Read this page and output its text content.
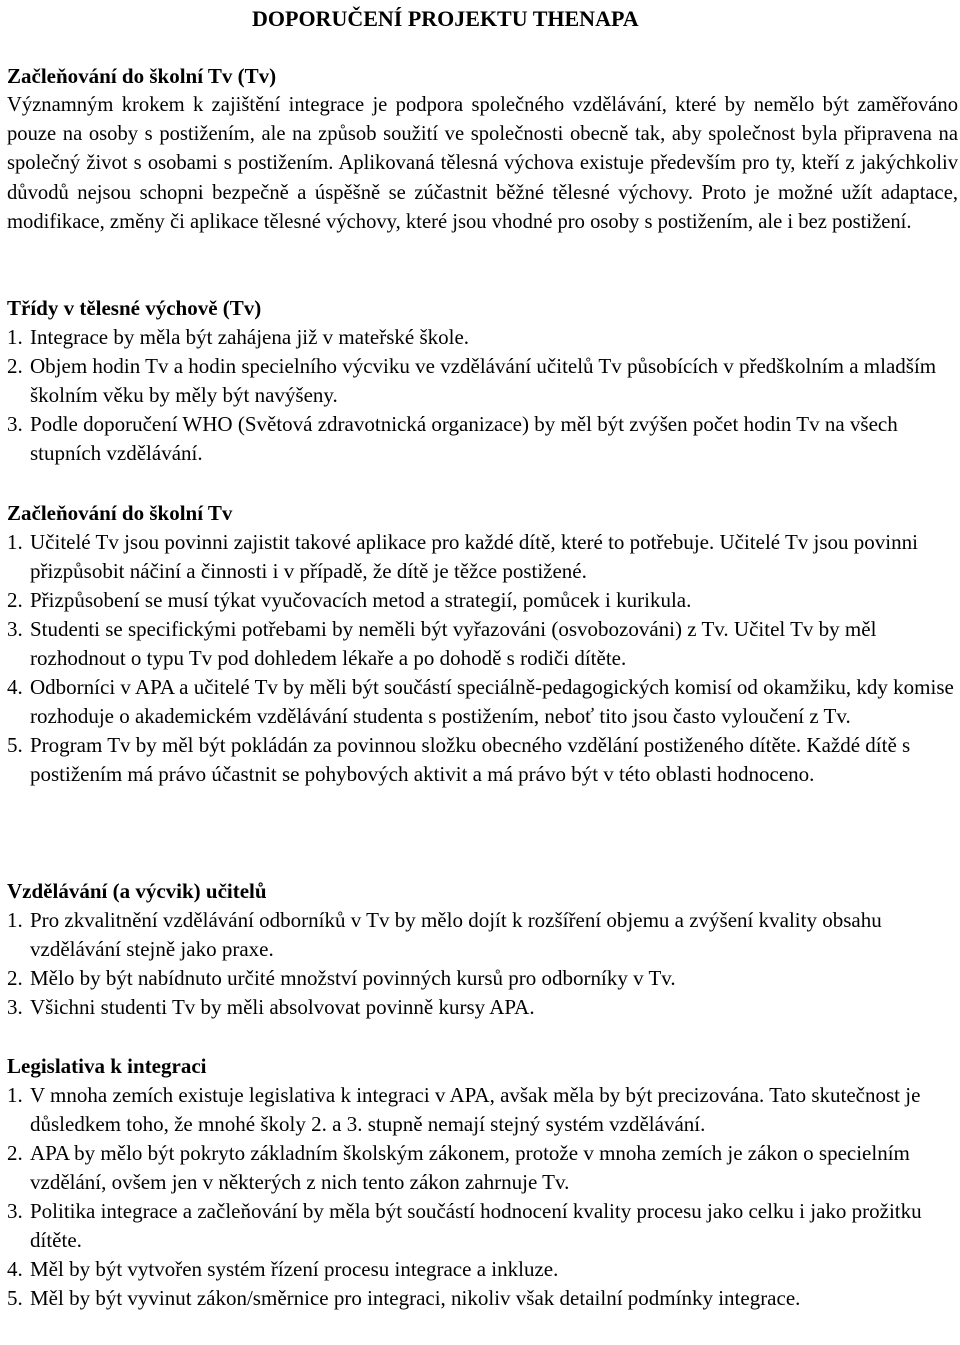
DOPORUČENÍ PROJEKTU THENAPA
Začleňování do školní Tv (Tv)
Významným krokem k zajištění integrace je podpora společného vzdělávání, které by nemělo být zaměřováno pouze na osoby s postižením, ale na způsob soužití ve společnosti obecně tak, aby společnost byla připravena na společný život s osobami s postižením. Aplikovaná tělesná výchova existuje především pro ty, kteří z jakýchkoliv důvodů nejsou schopni bezpečně a úspěšně se zúčastnit běžné tělesné výchovy. Proto je možné užít adaptace, modifikace, změny či aplikace tělesné výchovy, které jsou vhodné pro osoby s postižením, ale i bez postižení.
Třídy v tělesné výchově (Tv)
1. Integrace by měla být zahájena již v mateřské škole.
2. Objem hodin Tv a hodin specielního výcviku ve vzdělávání učitelů Tv působících v předškolním a mladším školním věku by měly být navýšeny.
3. Podle doporučení WHO (Světová zdravotnická organizace) by měl být zvýšen počet hodin Tv na všech stupních vzdělávání.
Začleňování do školní Tv
1. Učitelé Tv jsou povinni zajistit takové aplikace pro každé dítě, které to potřebuje. Učitelé Tv jsou povinni přizpůsobit náčiní a činnosti i v případě, že dítě je těžce postižené.
2. Přizpůsobení se musí týkat vyučovacích metod a strategií, pomůcek i kurikula.
3. Studenti se specifickými potřebami by neměli být vyřazováni (osvobozováni) z Tv. Učitel Tv by měl rozhodnout o typu Tv pod dohledem lékaře a po dohodě s rodiči dítěte.
4. Odborníci v APA a učitelé Tv by měli být součástí speciálně-pedagogických komisí od okamžiku, kdy komise rozhoduje o akademickém vzdělávání studenta s postižením, neboť tito jsou často vyloučení z Tv.
5. Program Tv by měl být pokládán za povinnou složku obecného vzdělání postiženého dítěte. Každé dítě s postižením má právo účastnit se pohybových aktivit a má právo být v této oblasti hodnoceno.
Vzdělávání (a výcvik) učitelů
1. Pro zkvalitnění vzdělávání odborníků v Tv by mělo dojít k rozšíření objemu a zvýšení kvality obsahu vzdělávání stejně jako praxe.
2. Mělo by být nabídnuto určité množství povinných kursů pro odborníky v Tv.
3. Všichni studenti Tv by měli absolvovat povinně kursy APA.
Legislativa k integraci
1. V mnoha zemích existuje legislativa k integraci v APA, avšak měla by být precizována. Tato skutečnost je důsledkem toho, že mnohé školy 2. a 3. stupně nemají stejný systém vzdělávání.
2. APA by mělo být pokryto základním školským zákonem, protože v mnoha zemích je zákon o specielním vzdělání, ovšem jen v některých z nich tento zákon zahrnuje Tv.
3. Politika integrace a začleňování by měla být součástí hodnocení kvality procesu jako celku i jako prožitku dítěte.
4. Měl by být vytvořen systém řízení procesu integrace a inkluze.
5. Měl by být vyvinut zákon/směrnice pro integraci, nikoliv však detailní podmínky integrace.
